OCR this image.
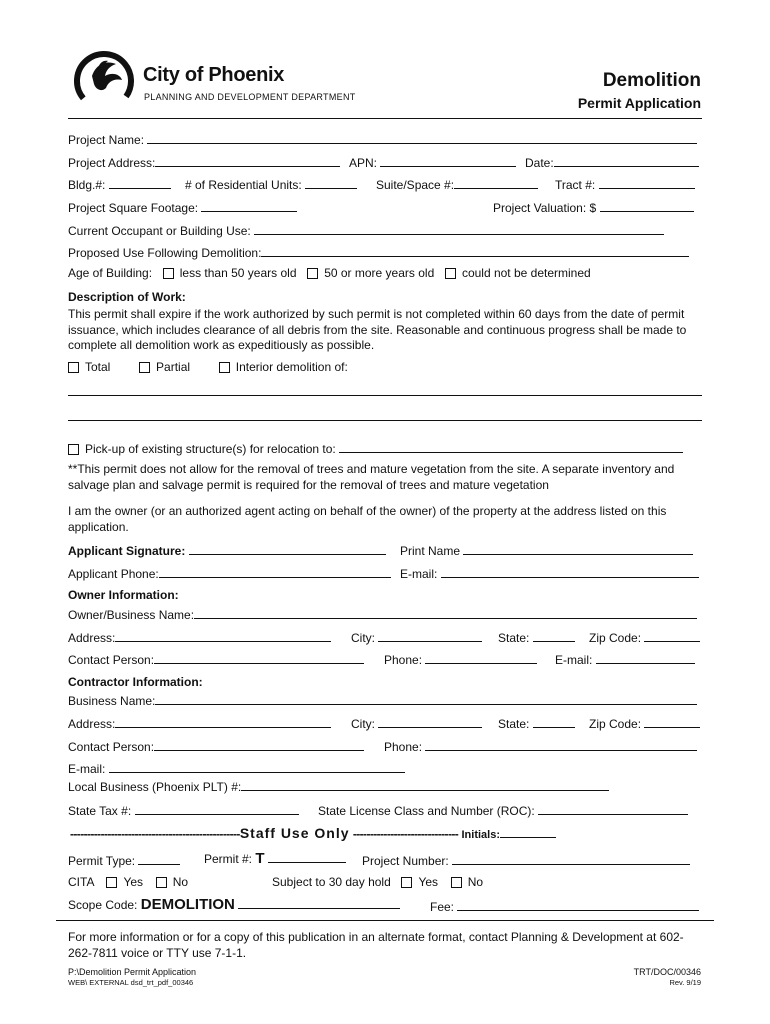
City of Phoenix
PLANNING AND DEVELOPMENT DEPARTMENT
Demolition
Permit Application
Project Name:
Project Address:	APN:	Date:
Bldg.#:	# of Residential Units:	Suite/Space #:	Tract #:
Project Square Footage:	Project Valuation: $
Current Occupant or Building Use:
Proposed Use Following Demolition:
Age of Building: less than 50 years old 50 or more years old could not be determined
Description of Work:
This permit shall expire if the work authorized by such permit is not completed within 60 days from the date of permit issuance, which includes clearance of all debris from the site. Reasonable and continuous progress shall be made to complete all demolition work as expeditiously as possible.
Total	Partial	Interior demolition of:
Pick-up of existing structure(s) for relocation to:
**This permit does not allow for the removal of trees and mature vegetation from the site. A separate inventory and salvage plan and salvage permit is required for the removal of trees and mature vegetation
I am the owner (or an authorized agent acting on behalf of the owner) of the property at the address listed on this application.
Applicant Signature:	Print Name
Applicant Phone:	E-mail:
Owner Information:
Owner/Business Name:
Address:	City:	State:	Zip Code:
Contact Person:	Phone:	E-mail:
Contractor Information:
Business Name:
Address:	City:	State:	Zip Code:
Contact Person:	Phone:
E-mail:
Local Business (Phoenix PLT) #:
State Tax #:	State License Class and Number (ROC):
--------------------------------------------------Staff Use Only ------------------------------- Initials:
Permit Type:	Permit #: T	Project Number:
CITA Yes No	Subject to 30 day hold Yes No
Scope Code: DEMOLITION	Fee:
For more information or for a copy of this publication in an alternate format, contact Planning & Development at 602-262-7811 voice or TTY use 7-1-1.
P:\Demolition Permit Application
WEB\ EXTERNAL dsd_trt_pdf_00346
TRT/DOC/00346
Rev. 9/19
